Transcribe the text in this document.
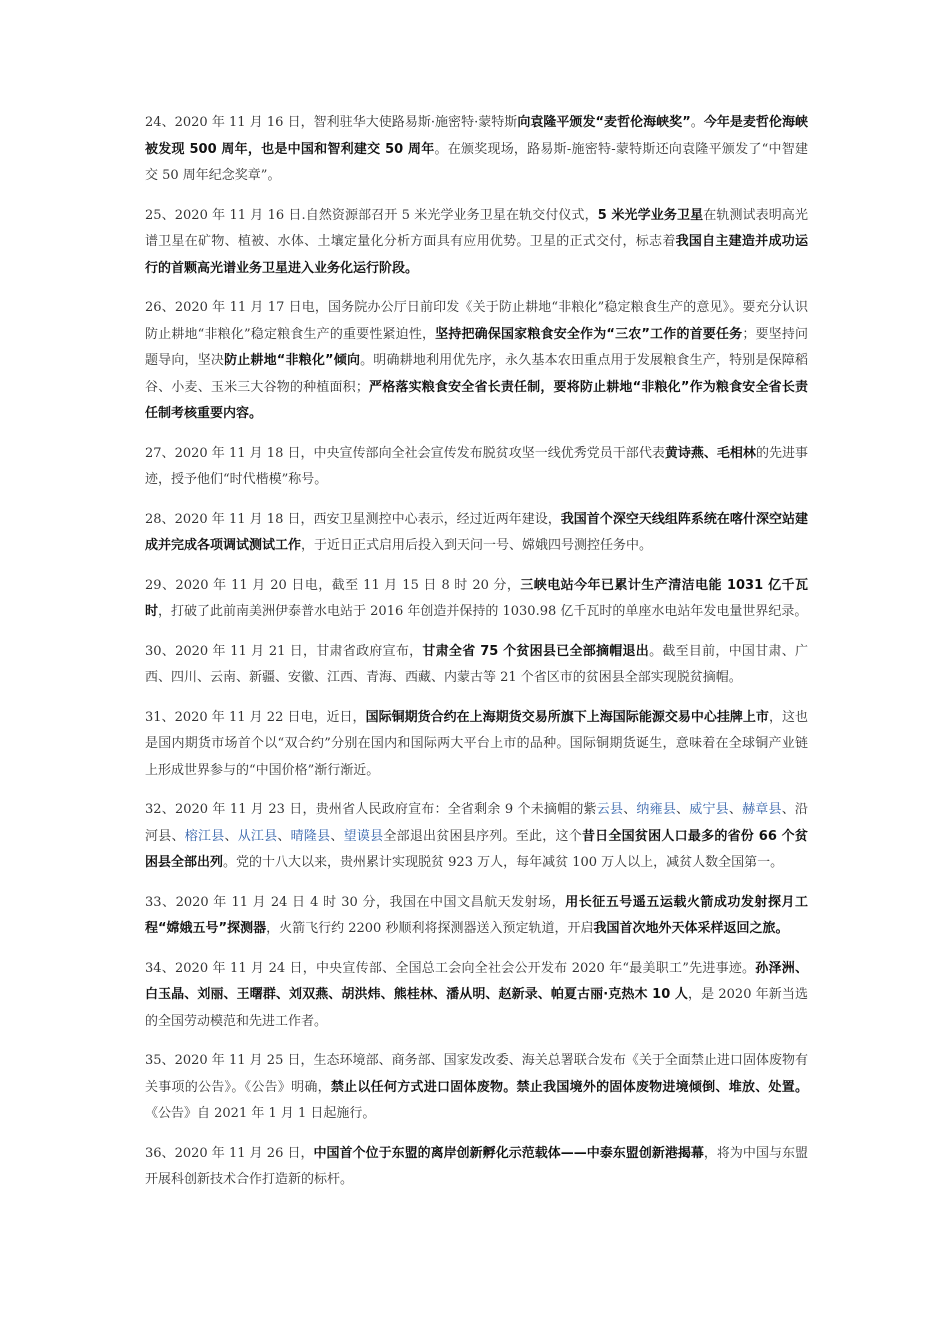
24、2020 年 11 月 16 日，智利驻华大使路易斯·施密特·蒙特斯向袁隆平颁发“麦哲伦海峡奖”。今年是麦哲伦海峡被发现 500 周年，也是中国和智利建交 50 周年。在颁奖现场，路易斯-施密特-蒙特斯还向袁隆平颁发了“中智建交 50 周年纪念奖章”。

25、2020 年 11 月 16 日.自然资源部召开 5 米光学业务卫星在轨交付仪式，5 米光学业务卫星在轨测试表明高光谱卫星在矿物、植被、水体、土壤定量化分析方面具有应用优势。卫星的正式交付，标志着我国自主建造并成功运行的首颗高光谱业务卫星进入业务化运行阶段。

26、2020 年 11 月 17 日电，国务院办公厅日前印发《关于防止耕地“非粮化”稳定粮食生产的意见》。要充分认识防止耕地“非粮化”稳定粮食生产的重要性紧迫性，坚持把确保国家粮食安全作为“三农”工作的首要任务；要坚持问题导向，坚决防止耕地“非粮化”倾向。明确耕地利用优先序，永久基本农田重点用于发展粮食生产，特别是保障稻谷、小麦、玉米三大谷物的种植面积；严格落实粮食安全省长责任制，要将防止耕地“非粮化”作为粮食安全省长责任制考核重要内容。

27、2020 年 11 月 18 日，中央宣传部向全社会宣传发布脱贫攻坚一线优秀党员干部代表黄诗燕、毛相林的先进事迹，授予他们“时代楷模”称号。

28、2020 年 11 月 18 日，西安卫星测控中心表示，经过近两年建设，我国首个深空天线组阵系统在喀什深空站建成并完成各项调试测试工作，于近日正式启用后投入到天问一号、嫦娥四号测控任务中。

29、2020 年 11 月 20 日电，截至 11 月 15 日 8 时 20 分，三峡电站今年已累计生产清洁电能 1031 亿千瓦时，打破了此前南美洲伊泰普水电站于 2016 年创造并保持的 1030.98 亿千瓦时的单座水电站年发电量世界纪录。

30、2020 年 11 月 21 日，甘肃省政府宣布，甘肃全省 75 个贫困县已全部摘帽退出。截至目前，中国甘肃、广西、四川、云南、新疆、安徽、江西、青海、西藏、内蒙古等 21 个省区市的贫困县全部实现脱贫摘帽。

31、2020 年 11 月 22 日电，近日，国际铜期货合约在上海期货交易所旗下上海国际能源交易中心挂牌上市，这也是国内期货市场首个以“双合约”分别在国内和国际两大平台上市的品种。国际铜期货诞生，意味着在全球铜产业链上形成世界参与的“中国价格”渐行渐近。

32、2020 年 11 月 23 日，贵州省人民政府宣布：全省剩余 9 个未摘帽的紫云县、纳雍县、威宁县、赫章县、沿河县、榕江县、从江县、晴隆县、望谟县全部退出贫困县序列。至此，这个昔日全国贫困人口最多的省份 66 个贫困县全部出列。党的十八大以来，贵州累计实现脱贫 923 万人，每年减贫 100 万人以上，减贫人数全国第一。

33、2020 年 11 月 24 日 4 时 30 分，我国在中国文昌航天发射场，用长征五号遥五运载火箭成功发射探月工程“嫦娥五号”探测器，火箭飞行约 2200 秒顺利将探测器送入预定轨道，开启我国首次地外天体采样返回之旅。

34、2020 年 11 月 24 日，中央宣传部、全国总工会向全社会公开发布 2020 年“最美职工”先进事迹。孙泽洲、白玉晶、刘丽、王曙群、刘双燕、胡洪炜、熊桂林、潘从明、赵新录、帕夏古丽·克热木 10 人，是 2020 年新当选的全国劳动模范和先进工作者。

35、2020 年 11 月 25 日，生态环境部、商务部、国家发改委、海关总署联合发布《关于全面禁止进口固体废物有关事项的公告》。《公告》明确，禁止以任何方式进口固体废物。禁止我国境外的固体废物进境倾倒、堆放、处置。《公告》自 2021 年 1 月 1 日起施行。

36、2020 年 11 月 26 日，中国首个位于东盟的离岸创新孵化示范载体——中泰东盟创新港揭幕，将为中国与东盟开展科创新技术合作打造新的标杆。
